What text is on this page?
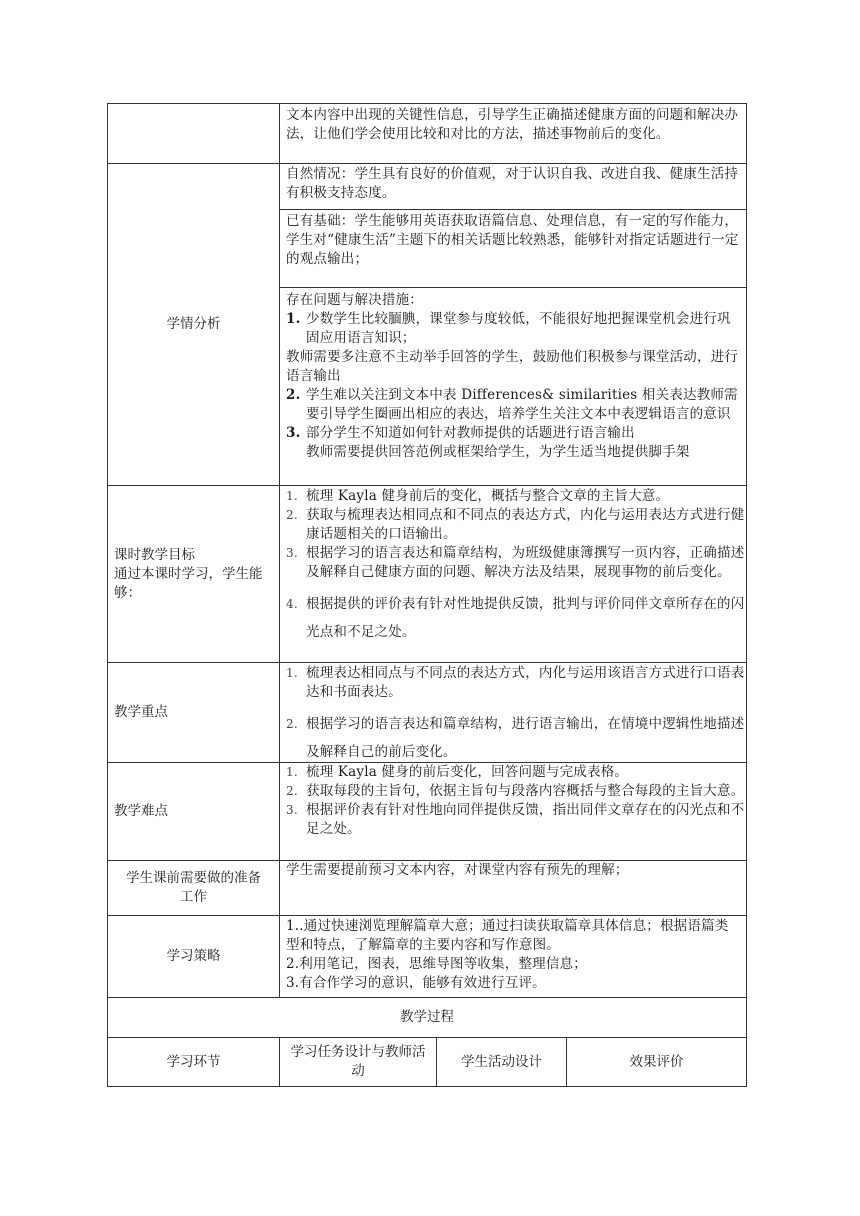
文本内容中出现的关键性信息，引导学生正确描述健康方面的问题和解决办法，让他们学会使用比较和对比的方法，描述事物前后的变化。
学情分析
自然情况：学生具有良好的价值观，对于认识自我、改进自我、健康生活持有积极支持态度。
已有基础：学生能够用英语获取语篇信息、处理信息，有一定的写作能力，学生对“健康生活”主题下的相关话题比较熟悉，能够针对指定话题进行一定的观点输出；
存在问题与解决措施：
1. 少数学生比较腼腆，课堂参与度较低，不能很好地把握课堂机会进行巩固应用语言知识；
教师需要多注意不主动举手回答的学生，鼓励他们积极参与课堂活动，进行语言输出
2. 学生难以关注到文本中表 Differences& similarities 相关表达教师需要引导学生圈画出相应的表达，培养学生关注文本中表逻辑语言的意识
3. 部分学生不知道如何针对教师提供的话题进行语言输出
教师需要提供回答范例或框架给学生，为学生适当地提供脚手架
课时教学目标
通过本课时学习，学生能够：
1. 梳理 Kayla 健身前后的变化，概括与整合文章的主旨大意。
2. 获取与梳理表达相同点和不同点的表达方式，内化与运用表达方式进行健康话题相关的口语输出。
3. 根据学习的语言表达和篇章结构，为班级健康簿撰写一页内容，正确描述及解释自己健康方面的问题、解决方法及结果，展现事物的前后变化。
4. 根据提供的评价表有针对性地提供反馈，批判与评价同伴文章所存在的闪光点和不足之处。
教学重点
1. 梳理表达相同点与不同点的表达方式，内化与运用该语言方式进行口语表达和书面表达。
2. 根据学习的语言表达和篇章结构，进行语言输出，在情境中逻辑性地描述及解释自己的前后变化。
教学难点
1. 梳理 Kayla 健身的前后变化，回答问题与完成表格。
2. 获取每段的主旨句，依据主旨句与段落内容概括与整合每段的主旨大意。
3. 根据评价表有针对性地向同伴提供反馈，指出同伴文章存在的闪光点和不足之处。
学生课前需要做的准备工作
学生需要提前预习文本内容，对课堂内容有预先的理解；
学习策略
1..通过快速浏览理解篇章大意；通过扫读获取篇章具体信息；根据语篇类型和特点，了解篇章的主要内容和写作意图。
2.利用笔记，图表，思维导图等收集，整理信息；
3.有合作学习的意识，能够有效进行互评。
教学过程
学习环节
学习任务设计与教师活动
学生活动设计	效果评价
